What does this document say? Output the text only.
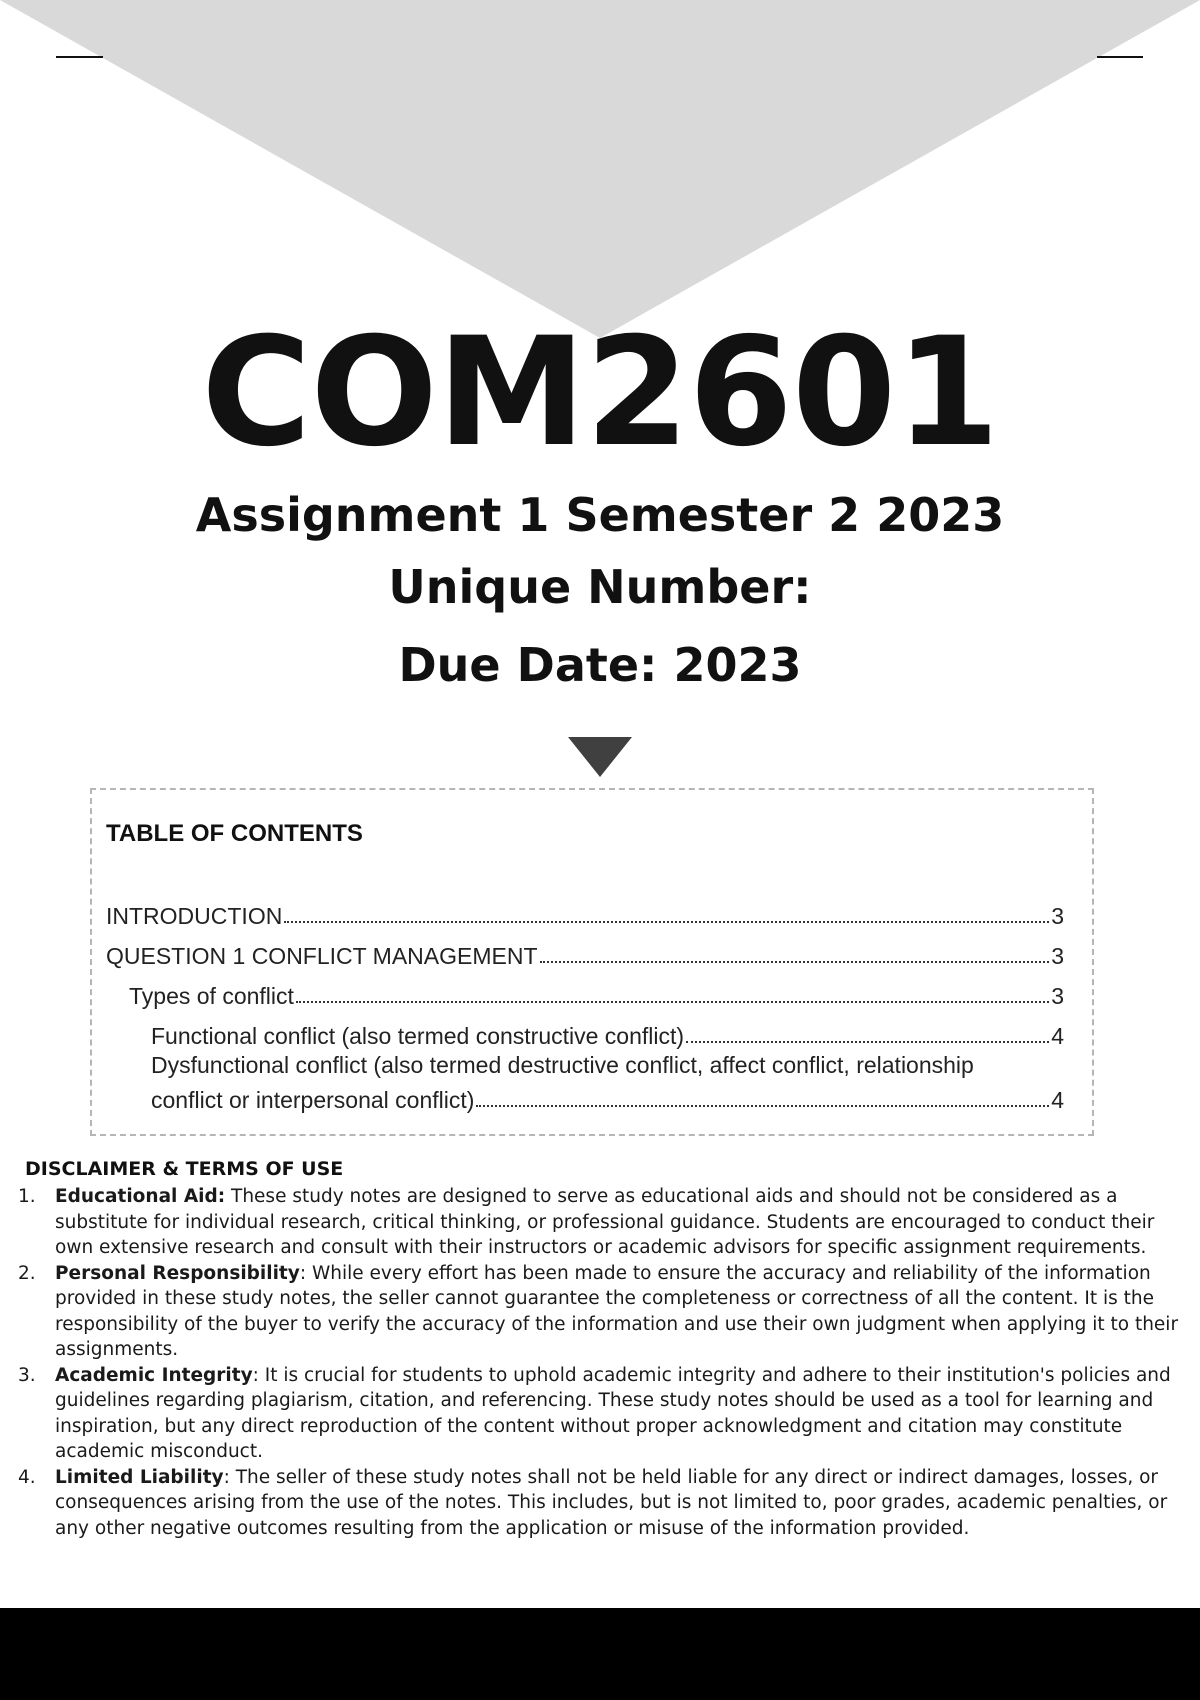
COM2601
Assignment 1 Semester 2 2023
Unique Number:
Due Date: 2023
TABLE OF CONTENTS
INTRODUCTION	3
QUESTION 1 CONFLICT MANAGEMENT	3
Types of conflict	3
Functional conflict (also termed constructive conflict)	4
Dysfunctional conflict (also termed destructive conflict, affect conflict, relationship
conflict or interpersonal conflict)	4
DISCLAIMER & TERMS OF USE
1. Educational Aid: These study notes are designed to serve as educational aids and should not be considered as a substitute for individual research, critical thinking, or professional guidance. Students are encouraged to conduct their own extensive research and consult with their instructors or academic advisors for specific assignment requirements.
2. Personal Responsibility: While every effort has been made to ensure the accuracy and reliability of the information provided in these study notes, the seller cannot guarantee the completeness or correctness of all the content. It is the responsibility of the buyer to verify the accuracy of the information and use their own judgment when applying it to their assignments.
3. Academic Integrity: It is crucial for students to uphold academic integrity and adhere to their institution's policies and guidelines regarding plagiarism, citation, and referencing. These study notes should be used as a tool for learning and inspiration, but any direct reproduction of the content without proper acknowledgment and citation may constitute academic misconduct.
4. Limited Liability: The seller of these study notes shall not be held liable for any direct or indirect damages, losses, or consequences arising from the use of the notes. This includes, but is not limited to, poor grades, academic penalties, or any other negative outcomes resulting from the application or misuse of the information provided.
